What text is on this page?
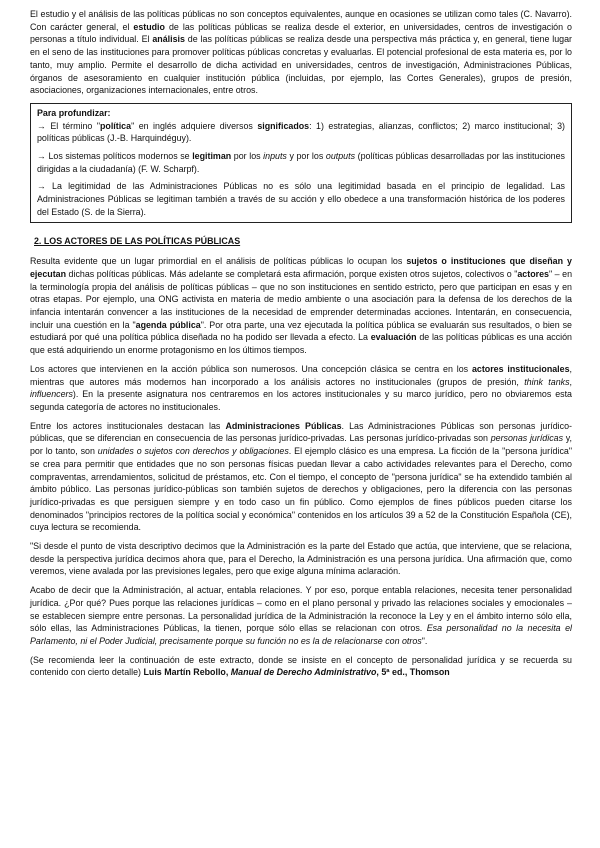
El estudio y el análisis de las políticas públicas no son conceptos equivalentes, aunque en ocasiones se utilizan como tales (C. Navarro). Con carácter general, el estudio de las políticas públicas se realiza desde el exterior, en universidades, centros de investigación o personas a título individual. El análisis de las políticas públicas se realiza desde una perspectiva más práctica y, en general, tiene lugar en el seno de las instituciones para promover políticas públicas concretas y evaluarlas. El potencial profesional de esta materia es, por lo tanto, muy amplio. Permite el desarrollo de dicha actividad en universidades, centros de investigación, Administraciones Públicas, órganos de asesoramiento en cualquier institución pública (incluidas, por ejemplo, las Cortes Generales), grupos de presión, asociaciones, organizaciones internacionales, entre otros.

Para profundizar:

→ El término "política" en inglés adquiere diversos significados: 1) estrategias, alianzas, conflictos; 2) marco institucional; 3) políticas públicas (J.-B. Harquindéguy).

→ Los sistemas políticos modernos se legitiman por los inputs y por los outputs (políticas públicas desarrolladas por las instituciones dirigidas a la ciudadanía) (F. W. Scharpf).

→ La legitimidad de las Administraciones Públicas no es sólo una legitimidad basada en el principio de legalidad. Las Administraciones Públicas se legitiman también a través de su acción y ello obedece a una transformación histórica de los poderes del Estado (S. de la Sierra).

2. LOS ACTORES DE LAS POLÍTICAS PÚBLICAS

Resulta evidente que un lugar primordial en el análisis de políticas públicas lo ocupan los sujetos o instituciones que diseñan y ejecutan dichas políticas públicas. Más adelante se completará esta afirmación, porque existen otros sujetos, colectivos o "actores" – en la terminología propia del análisis de políticas públicas – que no son instituciones en sentido estricto, pero que participan en esas y en otras etapas. Por ejemplo, una ONG activista en materia de medio ambiente o una asociación para la defensa de los derechos de la infancia intentarán convencer a las instituciones de la necesidad de emprender determinadas acciones. Intentarán, en consecuencia, incluir una cuestión en la "agenda pública". Por otra parte, una vez ejecutada la política pública se evaluarán sus resultados, o bien se estudiará por qué una política pública diseñada no ha podido ser llevada a efecto. La evaluación de las políticas públicas es una acción que está adquiriendo un enorme protagonismo en los últimos tiempos.

Los actores que intervienen en la acción pública son numerosos. Una concepción clásica se centra en los actores institucionales, mientras que autores más modernos han incorporado a los análisis actores no institucionales (grupos de presión, think tanks, influencers). En la presente asignatura nos centraremos en los actores institucionales y su marco jurídico, pero no obviaremos esta segunda categoría de actores no institucionales.

Entre los actores institucionales destacan las Administraciones Públicas. Las Administraciones Públicas son personas jurídico-públicas, que se diferencian en consecuencia de las personas jurídico-privadas. Las personas jurídico-privadas son personas jurídicas y, por lo tanto, son unidades o sujetos con derechos y obligaciones. El ejemplo clásico es una empresa. La ficción de la "persona jurídica" se crea para permitir que entidades que no son personas físicas puedan llevar a cabo actividades relevantes para el Derecho, como compraventas, arrendamientos, solicitud de préstamos, etc. Con el tiempo, el concepto de "persona jurídica" se ha extendido también al ámbito público. Las personas jurídico-públicas son también sujetos de derechos y obligaciones, pero la diferencia con las personas jurídico-privadas es que persiguen siempre y en todo caso un fin público. Como ejemplos de fines públicos pueden citarse los denominados "principios rectores de la política social y económica" contenidos en los artículos 39 a 52 de la Constitución Española (CE), cuya lectura se recomienda.

"Si desde el punto de vista descriptivo decimos que la Administración es la parte del Estado que actúa, que interviene, que se relaciona, desde la perspectiva jurídica decimos ahora que, para el Derecho, la Administración es una persona jurídica. Una afirmación que, como veremos, viene avalada por las previsiones legales, pero que exige alguna mínima aclaración.

Acabo de decir que la Administración, al actuar, entabla relaciones. Y por eso, porque entabla relaciones, necesita tener personalidad jurídica. ¿Por qué? Pues porque las relaciones jurídicas – como en el plano personal y privado las relaciones sociales y emocionales – se establecen siempre entre personas. La personalidad jurídica de la Administración la reconoce la Ley y en el ámbito interno sólo ella, sólo ellas, las Administraciones Públicas, la tienen, porque sólo ellas se relacionan con otros. Esa personalidad no la necesita el Parlamento, ni el Poder Judicial, precisamente porque su función no es la de relacionarse con otros".

(Se recomienda leer la continuación de este extracto, donde se insiste en el concepto de personalidad jurídica y se recuerda su contenido con cierto detalle) Luis Martín Rebollo, Manual de Derecho Administrativo, 5ª ed., Thomson
